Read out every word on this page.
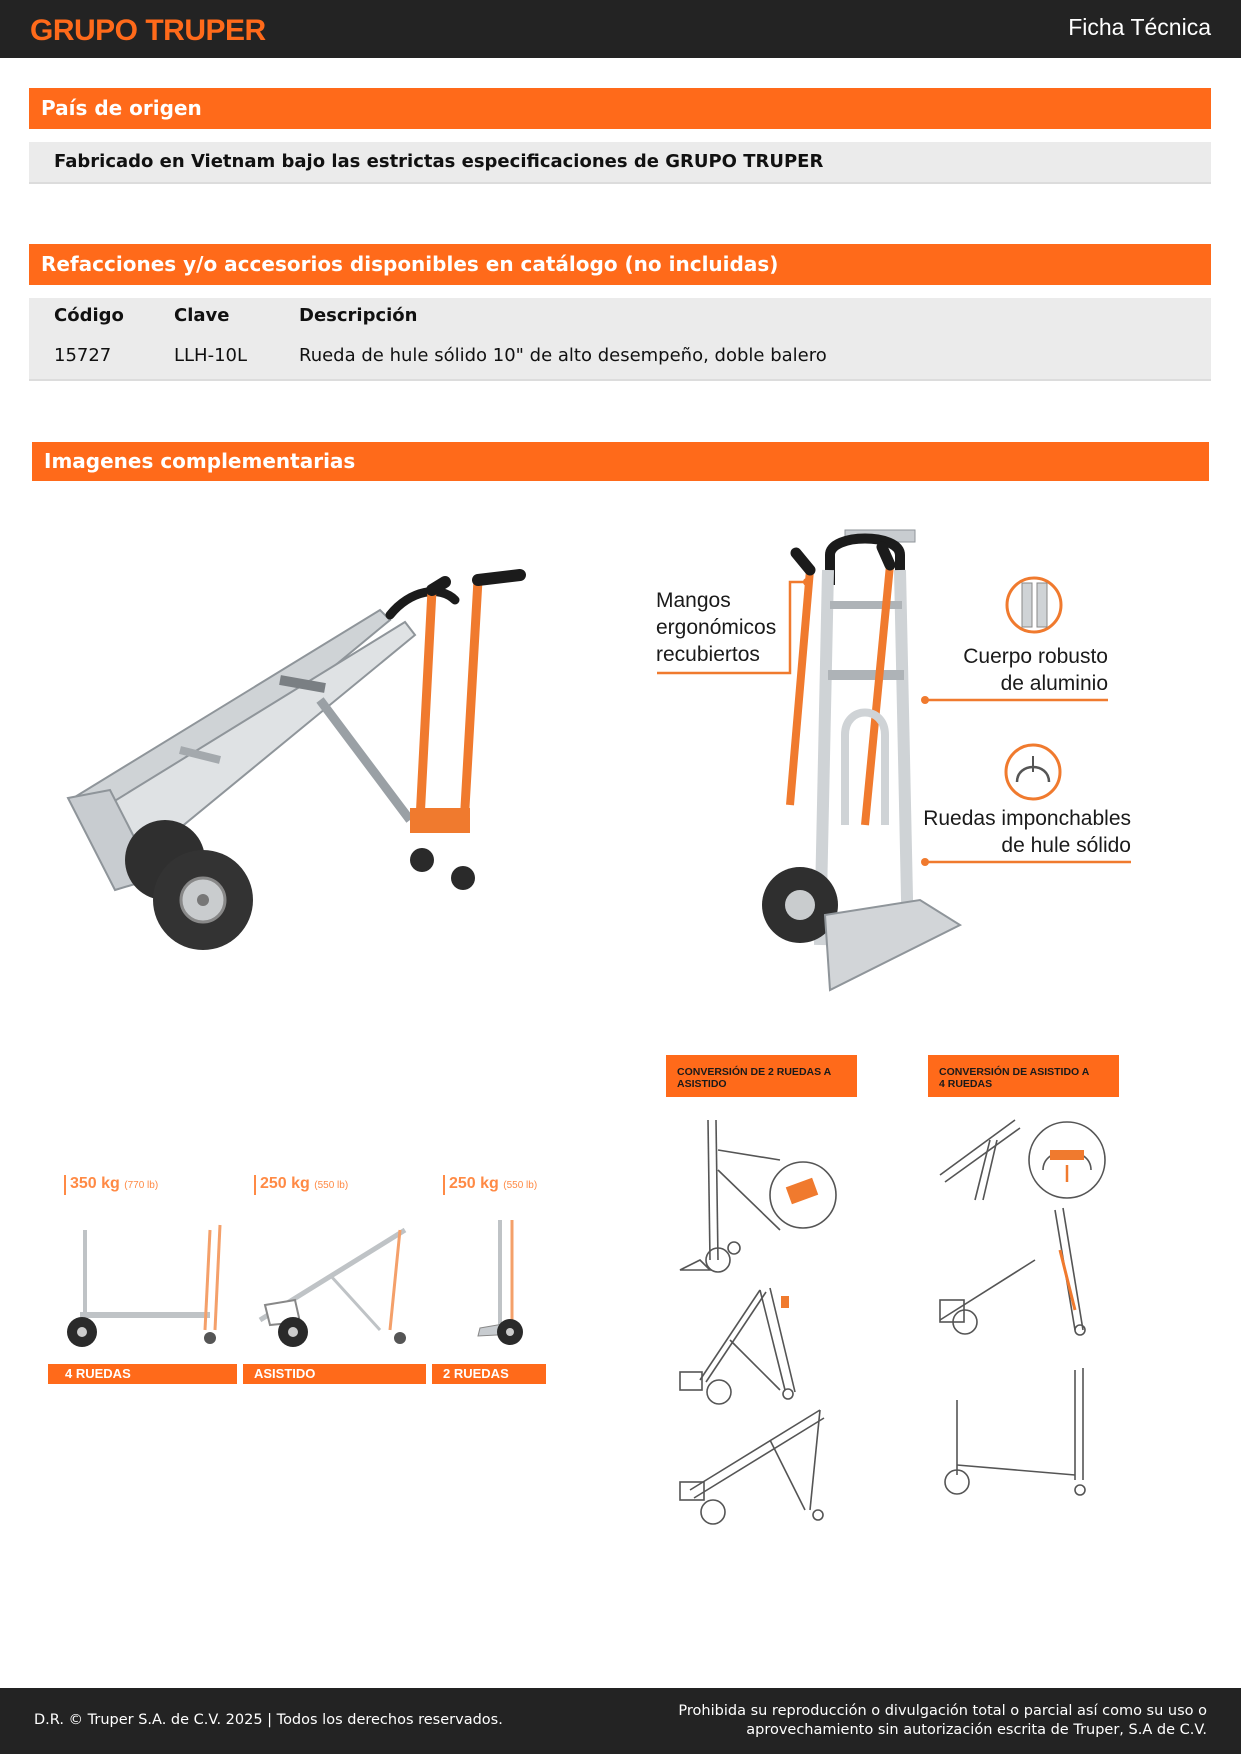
GRUPO TRUPER	Ficha Técnica
País de origen
Fabricado en Vietnam bajo las estrictas especificaciones de GRUPO TRUPER
Refacciones y/o accesorios disponibles en catálogo (no incluidas)
Código	Clave	Descripción
15727	LLH-10L	Rueda de hule sólido 10" de alto desempeño, doble balero
Imagenes complementarias
Mangos
ergonómicos
recubiertos	Cuerpo robusto
de aluminio
Ruedas imponchables
de hule sólido
350 kg (770 lb)	250 kg (550 lb)	250 kg (550 lb)
4 RUEDAS	ASISTIDO	2 RUEDAS
CONVERSIÓN DE 2 RUEDAS A
ASISTIDO
CONVERSIÓN DE ASISTIDO A
4 RUEDAS
D.R. © Truper S.A. de C.V. 2025 | Todos los derechos reservados.
Prohibida su reproducción o divulgación total o parcial así como su uso o
aprovechamiento sin autorización escrita de Truper, S.A de C.V.
